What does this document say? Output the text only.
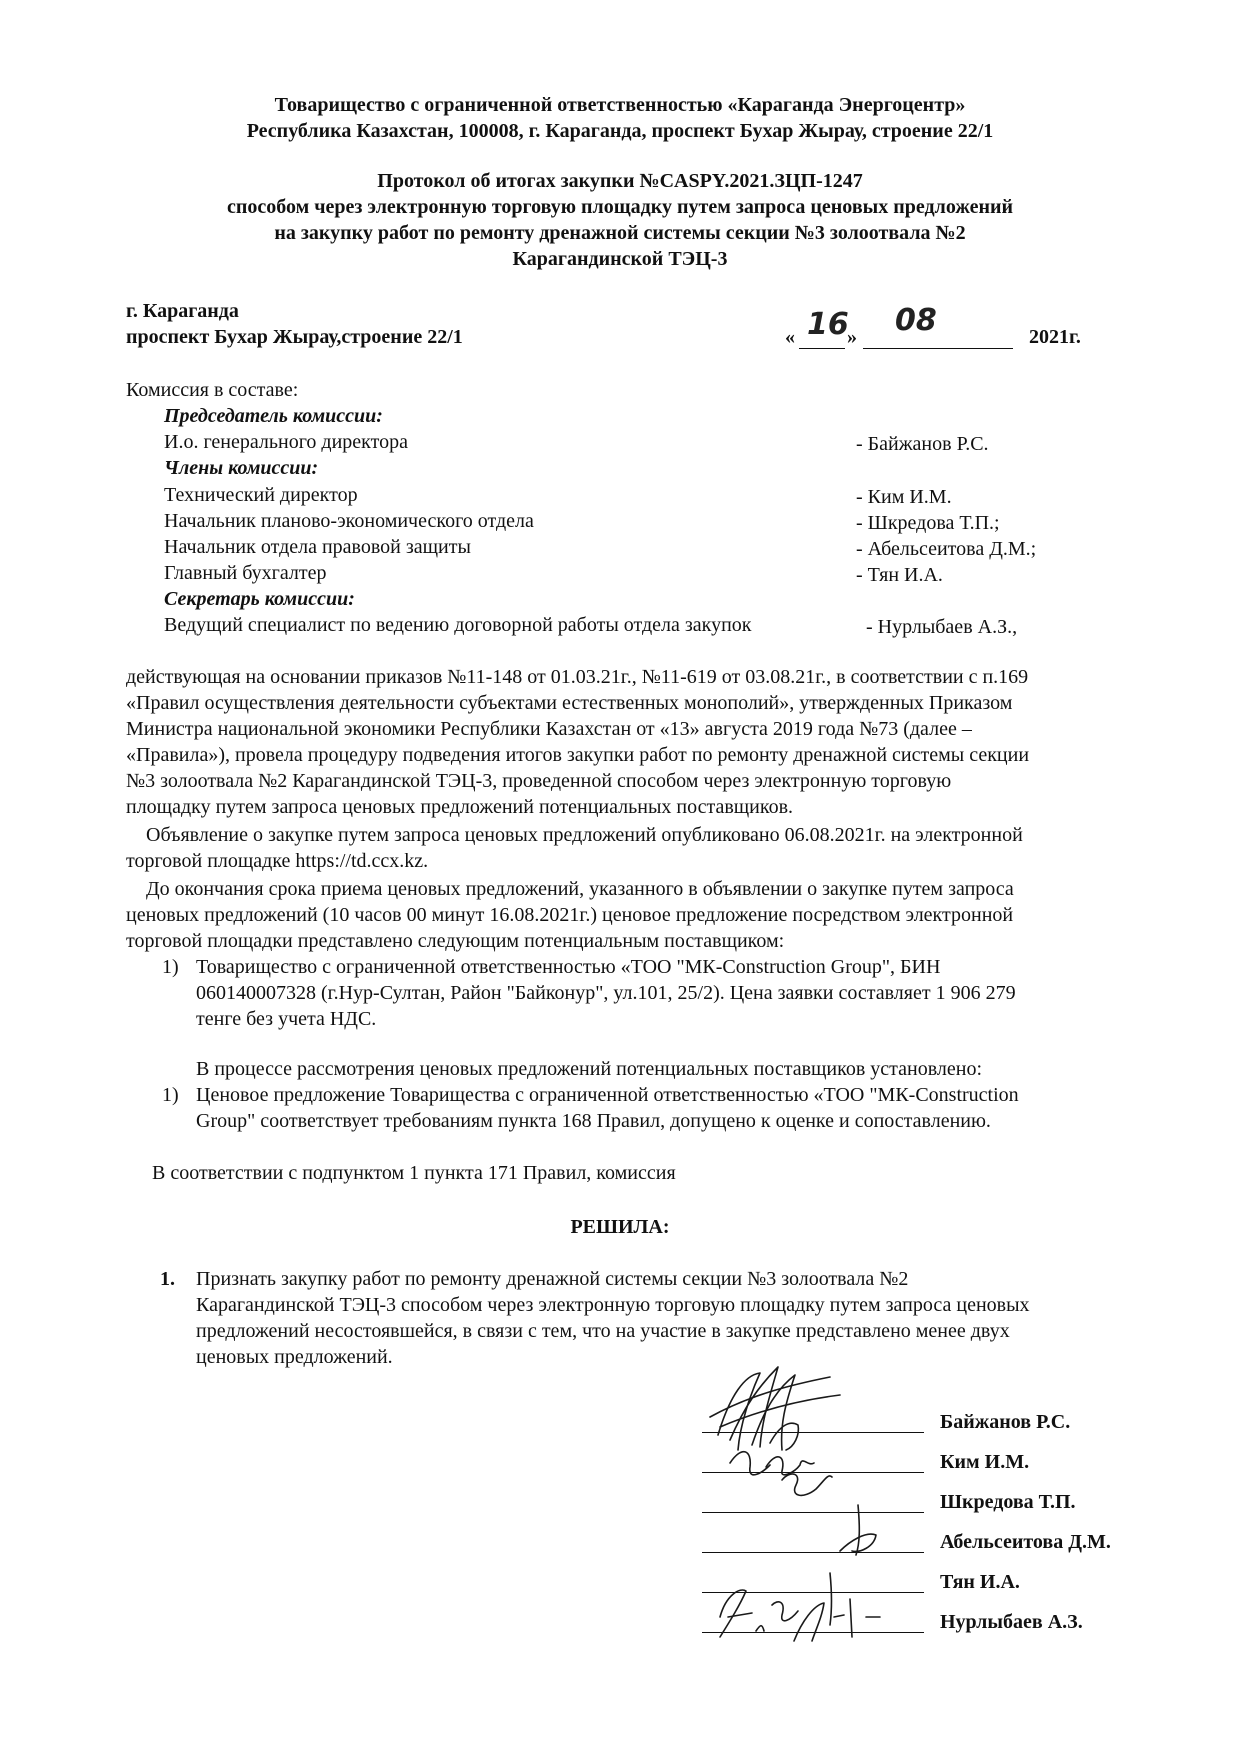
Товарищество с ограниченной ответственностью «Караганда Энергоцентр»
Республика Казахстан, 100008, г. Караганда, проспект Бухар Жырау, строение 22/1
Протокол об итогах закупки №CASPY.2021.ЗЦП-1247
способом через электронную торговую площадку путем запроса ценовых предложений
на закупку работ по ремонту дренажной системы секции №3 золоотвала №2
Карагандинской ТЭЦ-3
г. Караганда
проспект Бухар Жырау,строение 22/1	« 16
» 08	2021г.
Комиссия в составе:
Председатель комиссии:
И.о. генерального директора	- Байжанов Р.С.
Члены комиссии:
Технический директор	- Ким И.М.
Начальник планово-экономического отдела	- Шкредова Т.П.;
Начальник отдела правовой защиты	- Абельсеитова Д.М.;
Главный бухгалтер	- Тян И.А.
Секретарь комиссии:
Ведущий специалист по ведению договорной работы отдела закупок	- Нурлыбаев А.З.,
действующая на основании приказов №11-148 от 01.03.21г., №11-619 от 03.08.21г., в соответствии с п.169
«Правил осуществления деятельности субъектами естественных монополий», утвержденных Приказом
Министра национальной экономики Республики Казахстан от «13» августа 2019 года №73 (далее –
«Правила»), провела процедуру подведения итогов закупки работ по ремонту дренажной системы секции
№3 золоотвала №2 Карагандинской ТЭЦ-3, проведенной способом через электронную торговую
площадку путем запроса ценовых предложений потенциальных поставщиков.
Объявление о закупке путем запроса ценовых предложений опубликовано 06.08.2021г. на электронной
торговой площадке https://td.ccx.kz.
До окончания срока приема ценовых предложений, указанного в объявлении о закупке путем запроса
ценовых предложений (10 часов 00 минут 16.08.2021г.) ценовое предложение посредством электронной
торговой площадки представлено следующим потенциальным поставщиком:
1) Товарищество с ограниченной ответственностью «ТОО "МК-Construction Group", БИН
060140007328 (г.Нур-Султан, Район "Байконур", ул.101, 25/2). Цена заявки составляет 1 906 279
тенге без учета НДС.
В процессе рассмотрения ценовых предложений потенциальных поставщиков установлено:
1) Ценовое предложение Товарищества с ограниченной ответственностью «ТОО "МК-Construction
Group" соответствует требованиям пункта 168 Правил, допущено к оценке и сопоставлению.
В соответствии с подпунктом 1 пункта 171 Правил, комиссия
РЕШИЛА:
1.	Признать закупку работ по ремонту дренажной системы секции №3 золоотвала №2
Карагандинской ТЭЦ-3 способом через электронную торговую площадку путем запроса ценовых
предложений несостоявшейся, в связи с тем, что на участие в закупке представлено менее двух
ценовых предложений.
Байжанов Р.С.
Ким И.М.
Шкредова Т.П.
Абельсеитова Д.М.
Тян И.А.
Нурлыбаев А.З.
